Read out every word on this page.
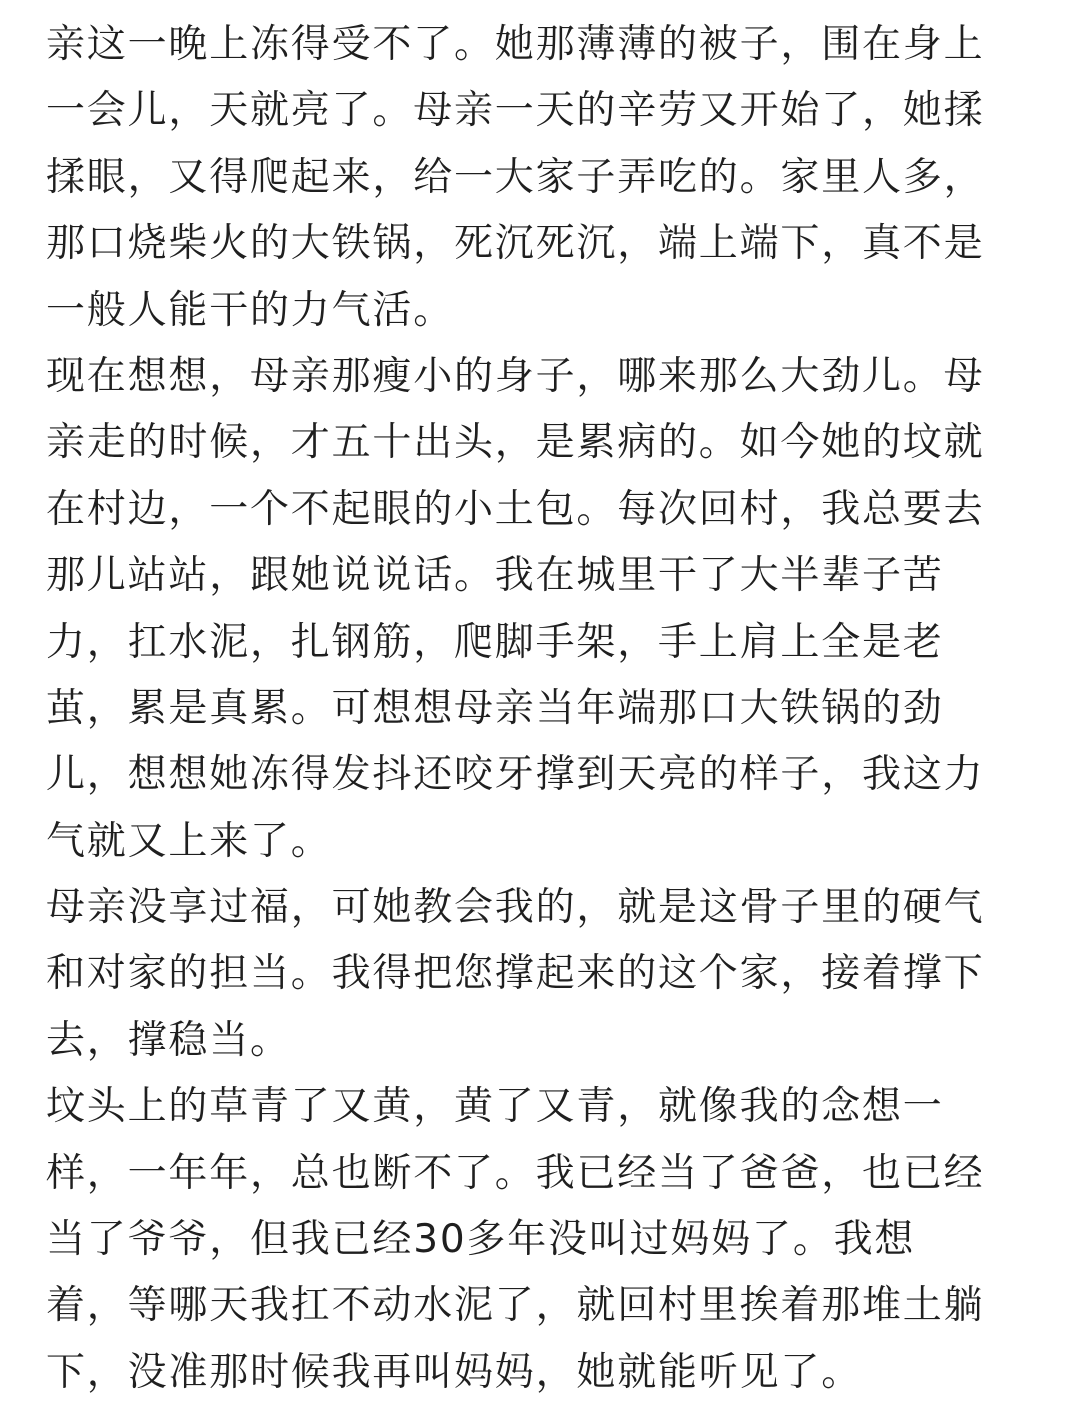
亲这一晚上冻得受不了。她那薄薄的被子，围在身上
一会儿，天就亮了。母亲一天的辛劳又开始了，她揉
揉眼，又得爬起来，给一大家子弄吃的。家里人多，
那口烧柴火的大铁锅，死沉死沉，端上端下，真不是
一般人能干的力气活。
现在想想，母亲那瘦小的身子，哪来那么大劲儿。母
亲走的时候，才五十出头，是累病的。如今她的坟就
在村边，一个不起眼的小土包。每次回村，我总要去
那儿站站，跟她说说话。我在城里干了大半辈子苦
力，扛水泥，扎钢筋，爬脚手架，手上肩上全是老
茧，累是真累。可想想母亲当年端那口大铁锅的劲
儿，想想她冻得发抖还咬牙撑到天亮的样子，我这力
气就又上来了。
母亲没享过福，可她教会我的，就是这骨子里的硬气
和对家的担当。我得把您撑起来的这个家，接着撑下
去，撑稳当。
坟头上的草青了又黄，黄了又青，就像我的念想一
样，一年年，总也断不了。我已经当了爸爸，也已经
当了爷爷，但我已经30多年没叫过妈妈了。我想
着，等哪天我扛不动水泥了，就回村里挨着那堆土躺
下，没准那时候我再叫妈妈，她就能听见了。
